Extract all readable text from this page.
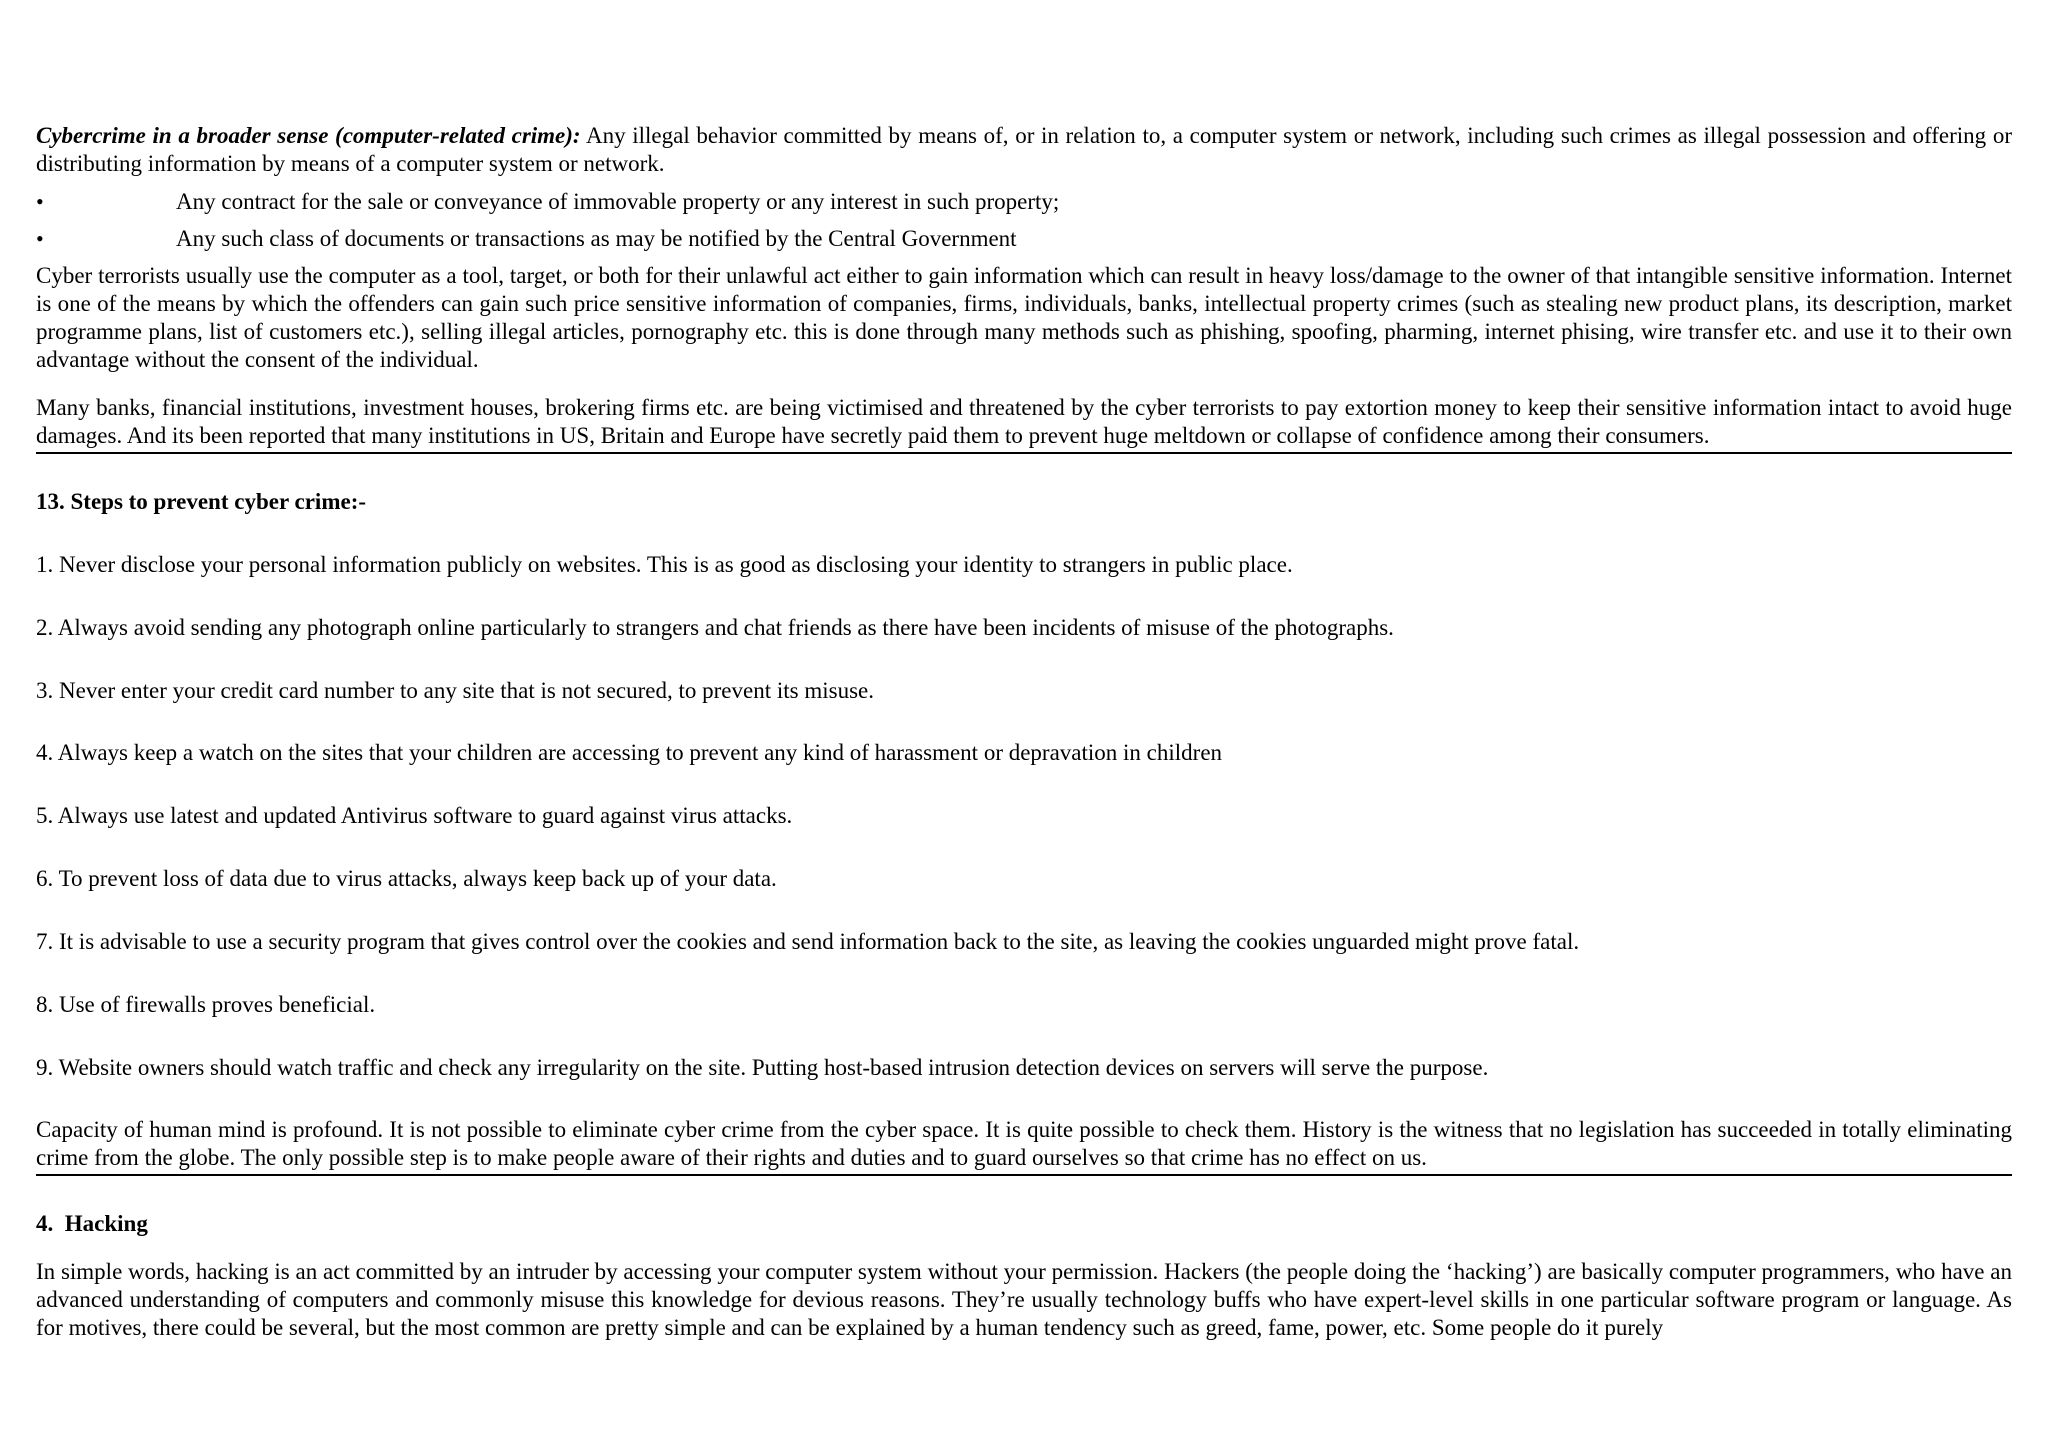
Cybercrime in a broader sense (computer-related crime): Any illegal behavior committed by means of, or in relation to, a computer system or network, including such crimes as illegal possession and offering or distributing information by means of a computer system or network.

•	Any contract for the sale or conveyance of immovable property or any interest in such property;
•	Any such class of documents or transactions as may be notified by the Central Government

Cyber terrorists usually use the computer as a tool, target, or both for their unlawful act either to gain information which can result in heavy loss/damage to the owner of that intangible sensitive information. Internet is one of the means by which the offenders can gain such price sensitive information of companies, firms, individuals, banks, intellectual property crimes (such as stealing new product plans, its description, market programme plans, list of customers etc.), selling illegal articles, pornography etc. this is done through many methods such as phishing, spoofing, pharming, internet phising, wire transfer etc. and use it to their own advantage without the consent of the individual.

Many banks, financial institutions, investment houses, brokering firms etc. are being victimised and threatened by the cyber terrorists to pay extortion money to keep their sensitive information intact to avoid huge damages. And its been reported that many institutions in US, Britain and Europe have secretly paid them to prevent huge meltdown or collapse of confidence among their consumers.

13. Steps to prevent cyber crime:-

1. Never disclose your personal information publicly on websites. This is as good as disclosing your identity to strangers in public place.

2. Always avoid sending any photograph online particularly to strangers and chat friends as there have been incidents of misuse of the photographs.

3. Never enter your credit card number to any site that is not secured, to prevent its misuse.

4. Always keep a watch on the sites that your children are accessing to prevent any kind of harassment or depravation in children

5. Always use latest and updated Antivirus software to guard against virus attacks.

6. To prevent loss of data due to virus attacks, always keep back up of your data.

7. It is advisable to use a security program that gives control over the cookies and send information back to the site, as leaving the cookies unguarded might prove fatal.

8. Use of firewalls proves beneficial.

9. Website owners should watch traffic and check any irregularity on the site. Putting host-based intrusion detection devices on servers will serve the purpose.

Capacity of human mind is profound. It is not possible to eliminate cyber crime from the cyber space. It is quite possible to check them. History is the witness that no legislation has succeeded in totally eliminating crime from the globe. The only possible step is to make people aware of their rights and duties and to guard ourselves so that crime has no effect on us.

4.  Hacking

In simple words, hacking is an act committed by an intruder by accessing your computer system without your permission. Hackers (the people doing the ‘hacking’) are basically computer programmers, who have an advanced understanding of computers and commonly misuse this knowledge for devious reasons. They’re usually technology buffs who have expert-level skills in one particular software program or language. As for motives, there could be several, but the most common are pretty simple and can be explained by a human tendency such as greed, fame, power, etc. Some people do it purely
